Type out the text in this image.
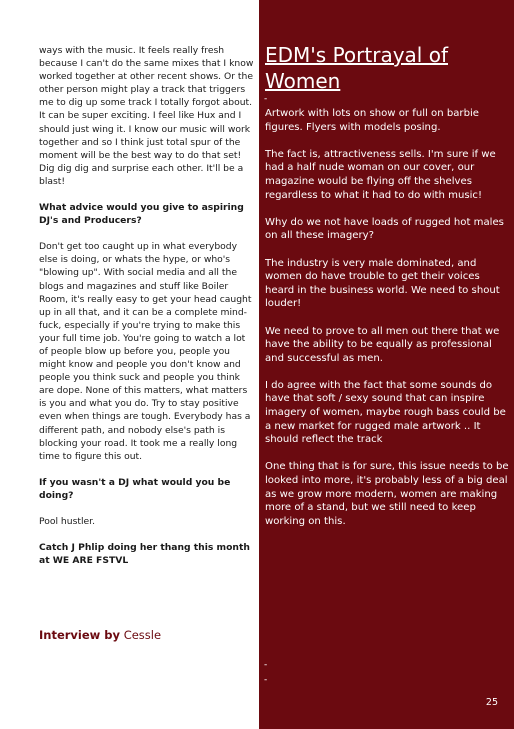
ways with the music. It feels really fresh because I can't do the same mixes that I know worked together at other recent shows. Or the other person might play a track that triggers me to dig up some track I totally forgot about. It can be super exciting. I feel like Hux and I should just wing it. I know our music will work together and so I think just total spur of the moment will be the best way to do that set! Dig dig dig and surprise each other. It'll be a blast!

What advice would you give to aspiring DJ's and Producers?

Don't get too caught up in what everybody else is doing, or whats the hype, or who's "blowing up". With social media and all the blogs and magazines and stuff like Boiler Room, it's really easy to get your head caught up in all that, and it can be a complete mind-fuck, especially if you're trying to make this your full time job. You're going to watch a lot of people blow up before you, people you might know and people you don't know and people you think suck and people you think are dope. None of this matters, what matters is you and what you do. Try to stay positive even when things are tough. Everybody has a different path, and nobody else's path is blocking your road. It took me a really long time to figure this out.

If you wasn't a DJ what would you be doing?

Pool hustler.

Catch J Phlip doing her thang this month at WE ARE FSTVL

Interview by Cessle
EDM's Portrayal of Women

Artwork with lots on show or full on barbie figures. Flyers with models posing.

The fact is, attractiveness sells. I'm sure if we had a half nude woman on our cover, our magazine would be flying off the shelves regardless to what it had to do with music!

Why do we not have loads of rugged hot males on all these imagery?

The industry is very male dominated, and women do have trouble to get their voices heard in the business world. We need to shout louder!

We need to prove to all men out there that we have the ability to be equally as professional and successful as men.

I do agree with the fact that some sounds do have that soft / sexy sound that can inspire imagery of women, maybe rough bass could be a new market for rugged male artwork .. It should reflect the track

One thing that is for sure, this issue needs to be looked into more, it's probably less of a big deal as we grow more modern, women are making more of a stand, but we still need to keep working on this.

25
-
-
-
